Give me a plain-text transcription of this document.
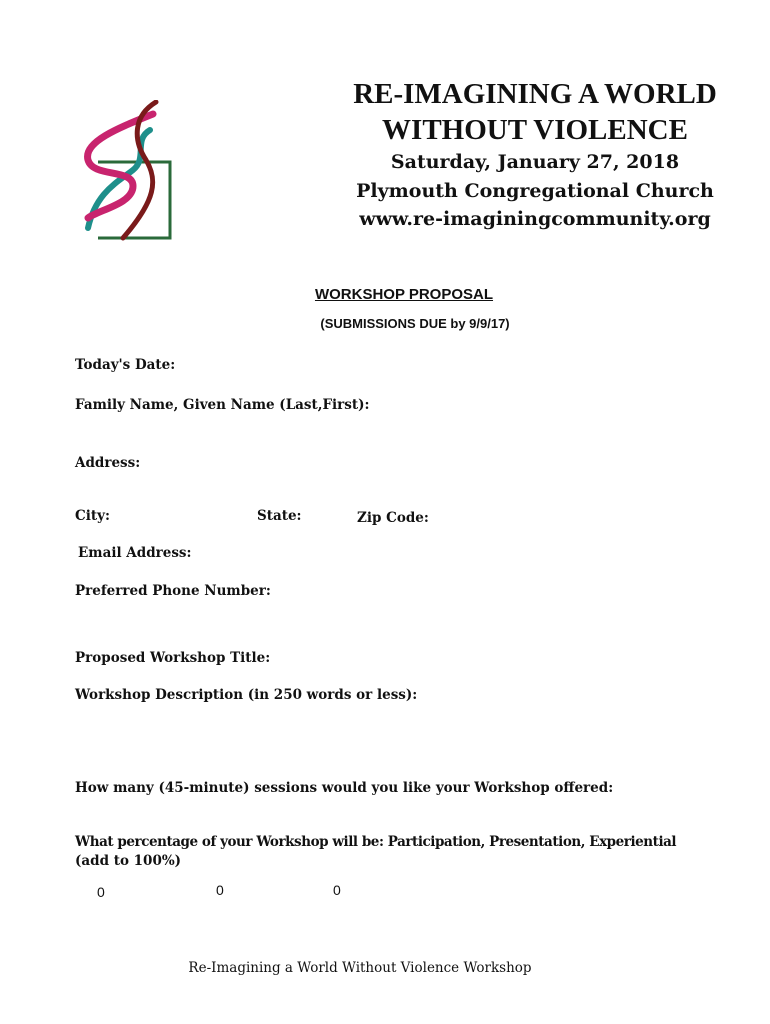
RE-IMAGINING A WORLD
WITHOUT VIOLENCE
Saturday, January 27, 2018
Plymouth Congregational Church
www.re-imaginingcommunity.org
WORKSHOP PROPOSAL
(SUBMISSIONS DUE by 9/9/17)
Today's Date:
Family Name, Given Name (Last,First):
Address:
City:	State:	Zip Code:
Email Address:
Preferred Phone Number:
Proposed Workshop Title:
Workshop Description (in 250 words or less):
How many (45-minute) sessions would you like your Workshop offered:
What percentage of your Workshop will be: Participation, Presentation, Experiential
(add to 100%)
0	0	0
Re-Imagining a World Without Violence Workshop
